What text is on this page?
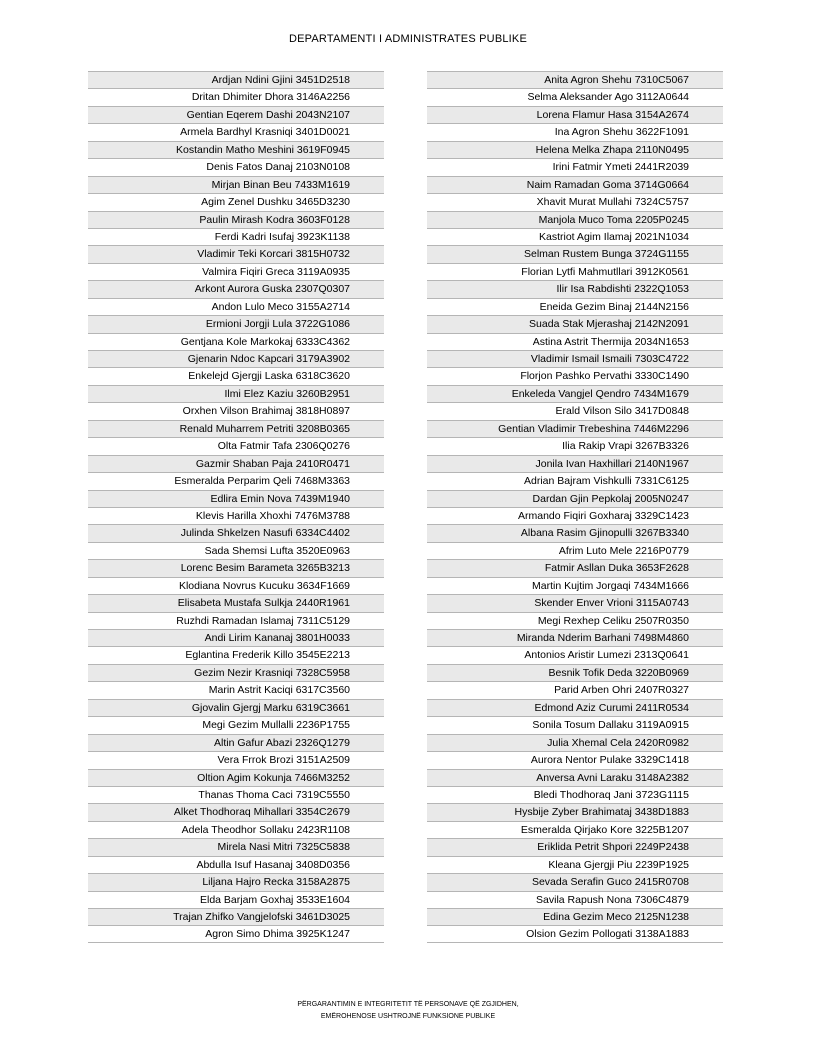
DEPARTAMENTI I ADMINISTRATES PUBLIKE
Ardjan Ndini Gjini 3451D2518
Dritan Dhimiter Dhora 3146A2256
Gentian Eqerem Dashi 2043N2107
Armela Bardhyl Krasniqi 3401D0021
Kostandin Matho Meshini 3619F0945
Denis Fatos Danaj 2103N0108
Mirjan Binan Beu 7433M1619
Agim Zenel Dushku 3465D3230
Paulin Mirash Kodra 3603F0128
Ferdi Kadri Isufaj 3923K1138
Vladimir Teki Korcari 3815H0732
Valmira Fiqiri Greca 3119A0935
Arkont Aurora Guska 2307Q0307
Andon Lulo Meco 3155A2714
Ermioni Jorgji Lula 3722G1086
Gentjana Kole Markokaj 6333C4362
Gjenarin Ndoc Kapcari 3179A3902
Enkelejd Gjergji Laska 6318C3620
Ilmi Elez Kaziu 3260B2951
Orxhen Vilson Brahimaj 3818H0897
Renald Muharrem Petriti 3208B0365
Olta Fatmir Tafa 2306Q0276
Gazmir Shaban Paja 2410R0471
Esmeralda Perparim Qeli 7468M3363
Edlira Emin Nova 7439M1940
Klevis Harilla Xhoxhi 7476M3788
Julinda Shkelzen Nasufi 6334C4402
Sada Shemsi Lufta 3520E0963
Lorenc Besim Barameta 3265B3213
Klodiana Novrus Kucuku 3634F1669
Elisabeta Mustafa Sulkja 2440R1961
Ruzhdi Ramadan Islamaj 7311C5129
Andi Lirim Kananaj 3801H0033
Eglantina Frederik Killo 3545E2213
Gezim Nezir Krasniqi 7328C5958
Marin Astrit Kaciqi 6317C3560
Gjovalin Gjergj Marku 6319C3661
Megi Gezim Mullalli 2236P1755
Altin Gafur Abazi 2326Q1279
Vera Frrok Brozi 3151A2509
Oltion Agim Kokunja 7466M3252
Thanas Thoma Caci 7319C5550
Alket Thodhoraq Mihallari 3354C2679
Adela Theodhor Sollaku 2423R1108
Mirela Nasi Mitri 7325C5838
Abdulla Isuf Hasanaj 3408D0356
Liljana Hajro Recka 3158A2875
Elda Barjam Goxhaj 3533E1604
Trajan Zhifko Vangjelofski 3461D3025
Agron Simo Dhima 3925K1247
Anita Agron Shehu 7310C5067
Selma Aleksander Ago 3112A0644
Lorena Flamur Hasa 3154A2674
Ina Agron Shehu 3622F1091
Helena Melka Zhapa 2110N0495
Irini Fatmir Ymeti 2441R2039
Naim Ramadan Goma 3714G0664
Xhavit Murat Mullahi 7324C5757
Manjola Muco Toma 2205P0245
Kastriot Agim Ilamaj 2021N1034
Selman Rustem Bunga 3724G1155
Florian Lytfi Mahmutllari 3912K0561
Ilir Isa Rabdishti 2322Q1053
Eneida Gezim Binaj 2144N2156
Suada Stak Mjerashaj 2142N2091
Astina Astrit Thermija 2034N1653
Vladimir Ismail Ismaili 7303C4722
Florjon Pashko Pervathi 3330C1490
Enkeleda Vangjel Qendro 7434M1679
Erald Vilson Silo 3417D0848
Gentian Vladimir Trebeshina 7446M2296
Ilia Rakip Vrapi 3267B3326
Jonila Ivan Haxhillari 2140N1967
Adrian Bajram Vishkulli 7331C6125
Dardan Gjin Pepkolaj 2005N0247
Armando Fiqiri Goxharaj 3329C1423
Albana Rasim Gjinopulli 3267B3340
Afrim Luto Mele 2216P0779
Fatmir Asllan Duka 3653F2628
Martin Kujtim Jorgaqi 7434M1666
Skender Enver Vrioni 3115A0743
Megi Rexhep Celiku 2507R0350
Miranda Nderim Barhani 7498M4860
Antonios Aristir Lumezi 2313Q0641
Besnik Tofik Deda 3220B0969
Parid Arben Ohri 2407R0327
Edmond Aziz Curumi 2411R0534
Sonila Tosum Dallaku 3119A0915
Julia Xhemal Cela 2420R0982
Aurora Nentor Pulake 3329C1418
Anversa Avni Laraku 3148A2382
Bledi Thodhoraq Jani 3723G1115
Hysbije Zyber Brahimataj 3438D1883
Esmeralda Qirjako Kore 3225B1207
Eriklida Petrit Shpori 2249P2438
Kleana Gjergji Piu 2239P1925
Sevada Serafin Guco 2415R0708
Savila Rapush Nona 7306C4879
Edina Gezim Meco 2125N1238
Olsion Gezim Pollogati 3138A1883
PËRGARANTIMIN E INTEGRITETIT TË PERSONAVE QË ZGJIDHEN,
EMËROHENOSE USHTROJNË FUNKSIONE PUBLIKE
